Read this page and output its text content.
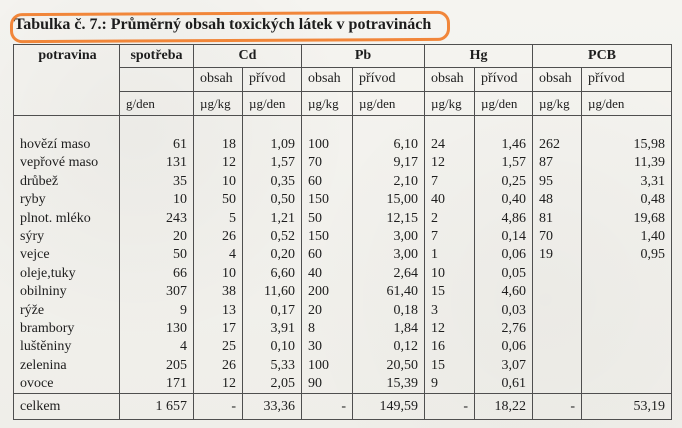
Tabulka č. 7.: Průměrný obsah toxických látek v potravinách
potravina	spotřeba	Cd		Pb		Hg		PCB	
		obsah	přívod	obsah	přívod	obsah	přívod	obsah	přívod
	g/den	µg/kg	µg/den	µg/kg	µg/den	µg/kg	µg/den	µg/kg	µg/den

hovězí maso	61	18	1,09	100	6,10	24	1,46	262	15,98
vepřové maso	131	12	1,57	70	9,17	12	1,57	87	11,39
drůbež	35	10	0,35	60	2,10	7	0,25	95	3,31
ryby	10	50	0,50	150	15,00	40	0,40	48	0,48
plnot. mléko	243	5	1,21	50	12,15	2	4,86	81	19,68
sýry	20	26	0,52	150	3,00	7	0,14	70	1,40
vejce	50	4	0,20	60	3,00	1	0,06	19	0,95
oleje,tuky	66	10	6,60	40	2,64	10	0,05		
obilniny	307	38	11,60	200	61,40	15	4,60		
rýže	9	13	0,17	20	0,18	3	0,03		
brambory	130	17	3,91	8	1,84	12	2,76		
luštěniny	4	25	0,10	30	0,12	16	0,06		
zelenina	205	26	5,33	100	20,50	15	3,07		
ovoce	171	12	2,05	90	15,39	9	0,61		
celkem	1 657	-	33,36	-	149,59	-	18,22	-	53,19
